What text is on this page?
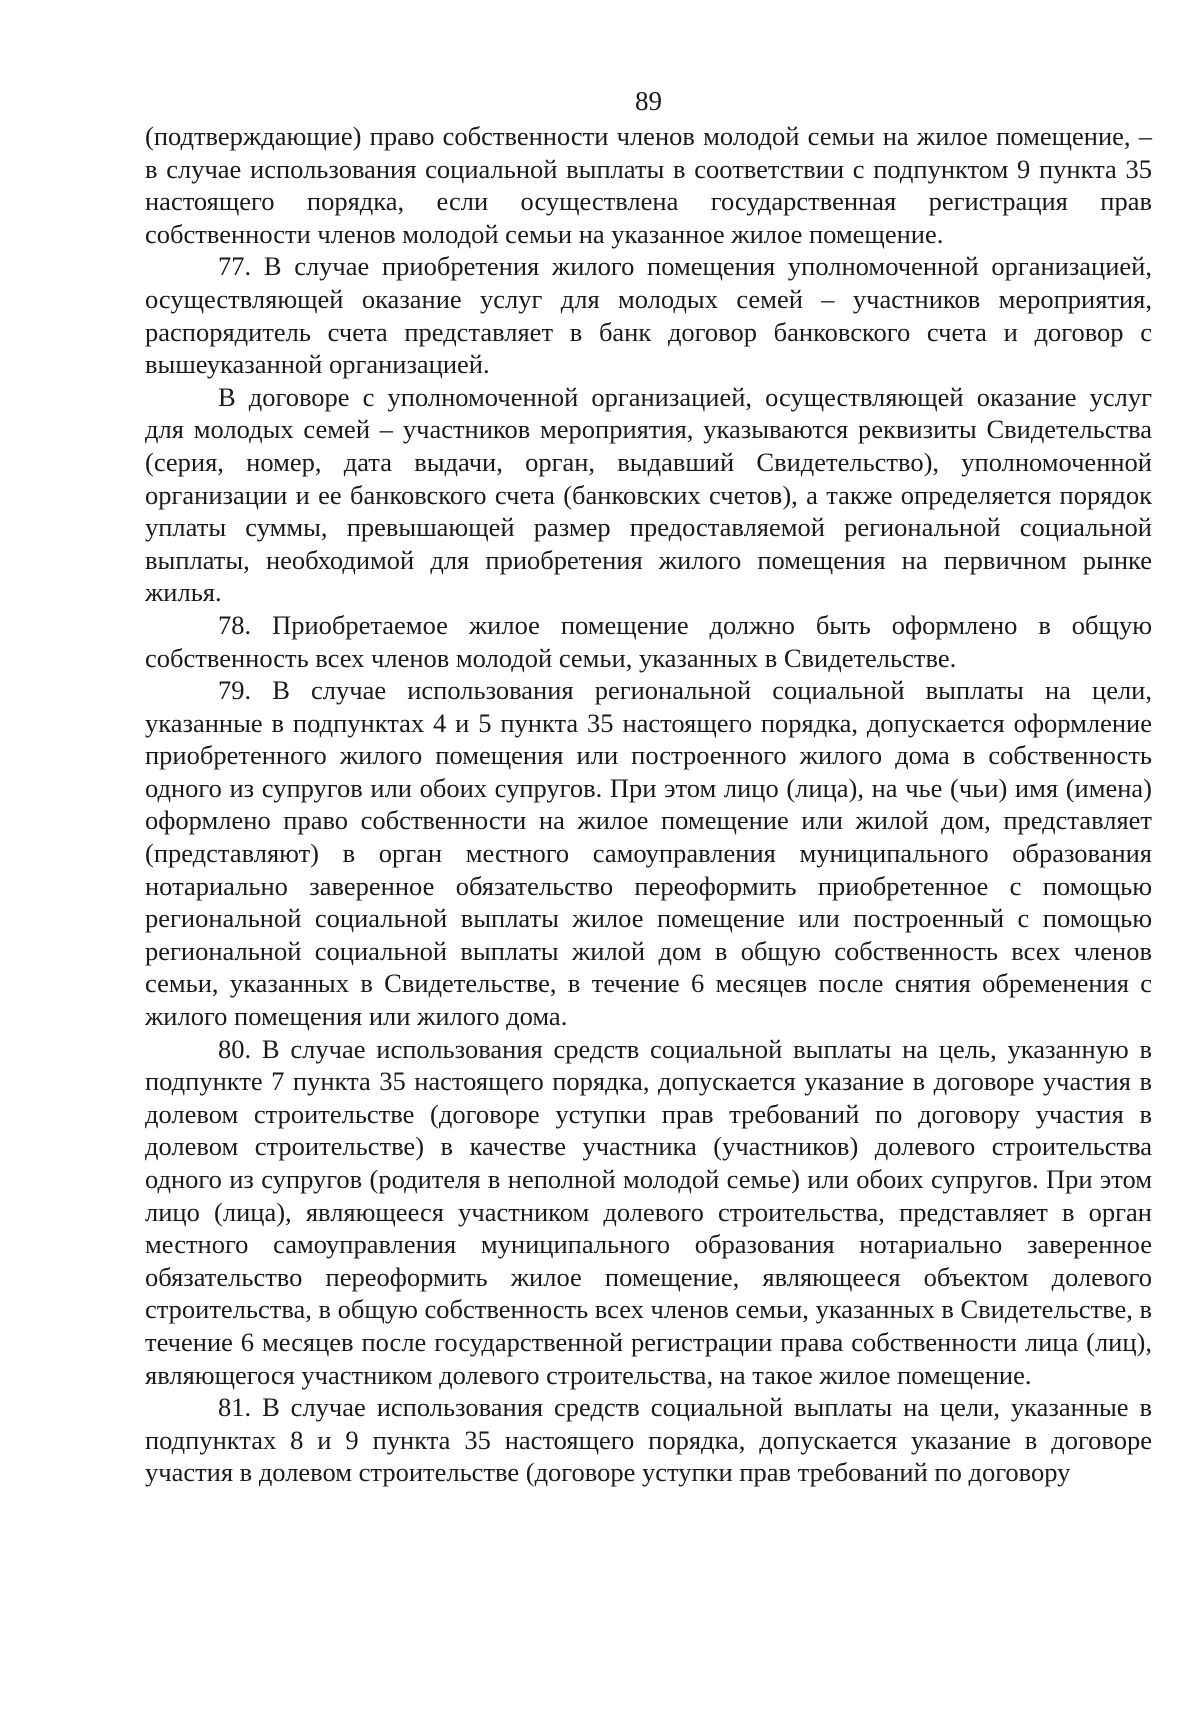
89

(подтверждающие) право собственности членов молодой семьи на жилое помещение, – в случае использования социальной выплаты в соответствии с подпунктом 9 пункта 35 настоящего порядка, если осуществлена государственная регистрация прав собственности членов молодой семьи на указанное жилое помещение.

77. В случае приобретения жилого помещения уполномоченной организацией, осуществляющей оказание услуг для молодых семей – участников мероприятия, распорядитель счета представляет в банк договор банковского счета и договор с вышеуказанной организацией.

В договоре с уполномоченной организацией, осуществляющей оказание услуг для молодых семей – участников мероприятия, указываются реквизиты Свидетельства (серия, номер, дата выдачи, орган, выдавший Свидетельство), уполномоченной организации и ее банковского счета (банковских счетов), а также определяется порядок уплаты суммы, превышающей размер предоставляемой региональной социальной выплаты, необходимой для приобретения жилого помещения на первичном рынке жилья.

78. Приобретаемое жилое помещение должно быть оформлено в общую собственность всех членов молодой семьи, указанных в Свидетельстве.

79. В случае использования региональной социальной выплаты на цели, указанные в подпунктах 4 и 5 пункта 35 настоящего порядка, допускается оформление приобретенного жилого помещения или построенного жилого дома в собственность одного из супругов или обоих супругов. При этом лицо (лица), на чье (чьи) имя (имена) оформлено право собственности на жилое помещение или жилой дом, представляет (представляют) в орган местного самоуправления муниципального образования нотариально заверенное обязательство переоформить приобретенное с помощью региональной социальной выплаты жилое помещение или построенный с помощью региональной социальной выплаты жилой дом в общую собственность всех членов семьи, указанных в Свидетельстве, в течение 6 месяцев после снятия обременения с жилого помещения или жилого дома.

80. В случае использования средств социальной выплаты на цель, указанную в подпункте 7 пункта 35 настоящего порядка, допускается указание в договоре участия в долевом строительстве (договоре уступки прав требований по договору участия в долевом строительстве) в качестве участника (участников) долевого строительства одного из супругов (родителя в неполной молодой семье) или обоих супругов. При этом лицо (лица), являющееся участником долевого строительства, представляет в орган местного самоуправления муниципального образования нотариально заверенное обязательство переоформить жилое помещение, являющееся объектом долевого строительства, в общую собственность всех членов семьи, указанных в Свидетельстве, в течение 6 месяцев после государственной регистрации права собственности лица (лиц), являющегося участником долевого строительства, на такое жилое помещение.

81. В случае использования средств социальной выплаты на цели, указанные в подпунктах 8 и 9 пункта 35 настоящего порядка, допускается указание в договоре участия в долевом строительстве (договоре уступки прав требований по договору
